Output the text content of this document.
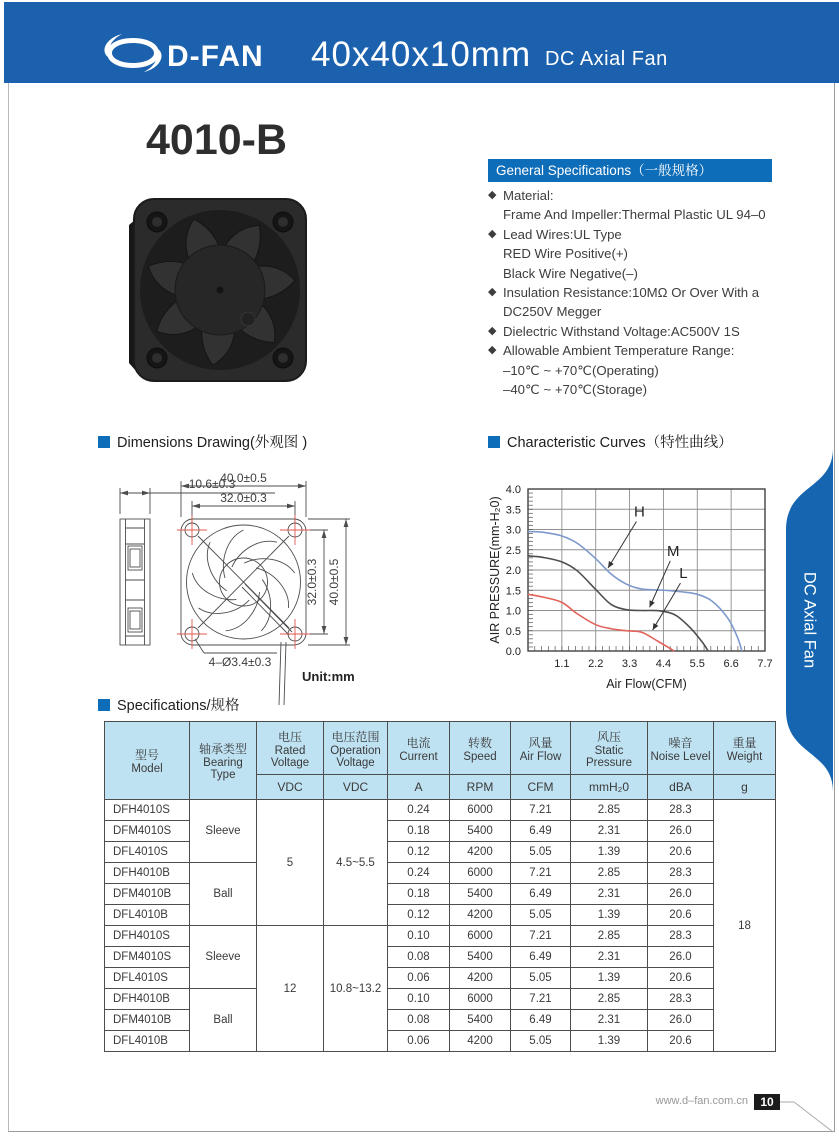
D-FAN 40x40x10mm DC Axial Fan
4010-B
General Specifications（一般规格）
◆ Material:
Frame And Impeller:Thermal Plastic UL 94–0
◆ Lead Wires:UL Type
RED Wire Positive(+)
Black Wire Negative(–)
◆ Insulation Resistance:10MΩ Or Over With a
DC250V Megger
◆ Dielectric Withstand Voltage:AC500V 1S
◆ Allowable Ambient Temperature Range:
–10℃ ~ +70℃(Operating)
–40℃ ~ +70℃(Storage)
Dimensions Drawing(外观图 )	Characteristic Curves（特性曲线）
Specifications/规格
10.6±0.3
40.0±0.5
32.0±0.3
32.0±0.3 40.0±0.5
4–Ø3.4±0.3
Unit:mm
1.1 2.2 3.3 4.4 5.5 6.6 7.7
0.0
0.5
1.0
1.5
2.0
2.5
3.0
3.5
4.0
H
M
L
Air Flow(CFM)
AIR PRESSURE(mm-H₂0)	DC Axial Fan
型号
Model

轴承类型
Bearing Type

电压
Rated Voltage

电压范围
Operation Voltage

电流
Current

转数
Speed

风量
Air Flow

风压
Static Pressure

噪音
Noise Level

重量
Weight

		VDC	VDC	A	RPM	CFM	mmH₂0	dBA	g
DFH4010S	Sleeve	5	4.5~5.5	0.24	6000	7.21	2.85	28.3	18
DFM4010S				0.18	5400	6.49	2.31	26.0	
DFL4010S				0.12	4200	5.05	1.39	20.6	
DFH4010B	Ball			0.24	6000	7.21	2.85	28.3	
DFM4010B				0.18	5400	6.49	2.31	26.0	
DFL4010B				0.12	4200	5.05	1.39	20.6	
DFH4010S	Sleeve	12	10.8~13.2	0.10	6000	7.21	2.85	28.3	
DFM4010S				0.08	5400	6.49	2.31	26.0	
DFL4010S				0.06	4200	5.05	1.39	20.6	
DFH4010B	Ball			0.10	6000	7.21	2.85	28.3	
DFM4010B				0.08	5400	6.49	2.31	26.0	
DFL4010B				0.06	4200	5.05	1.39	20.6	
www.d–fan.com.cn	10
